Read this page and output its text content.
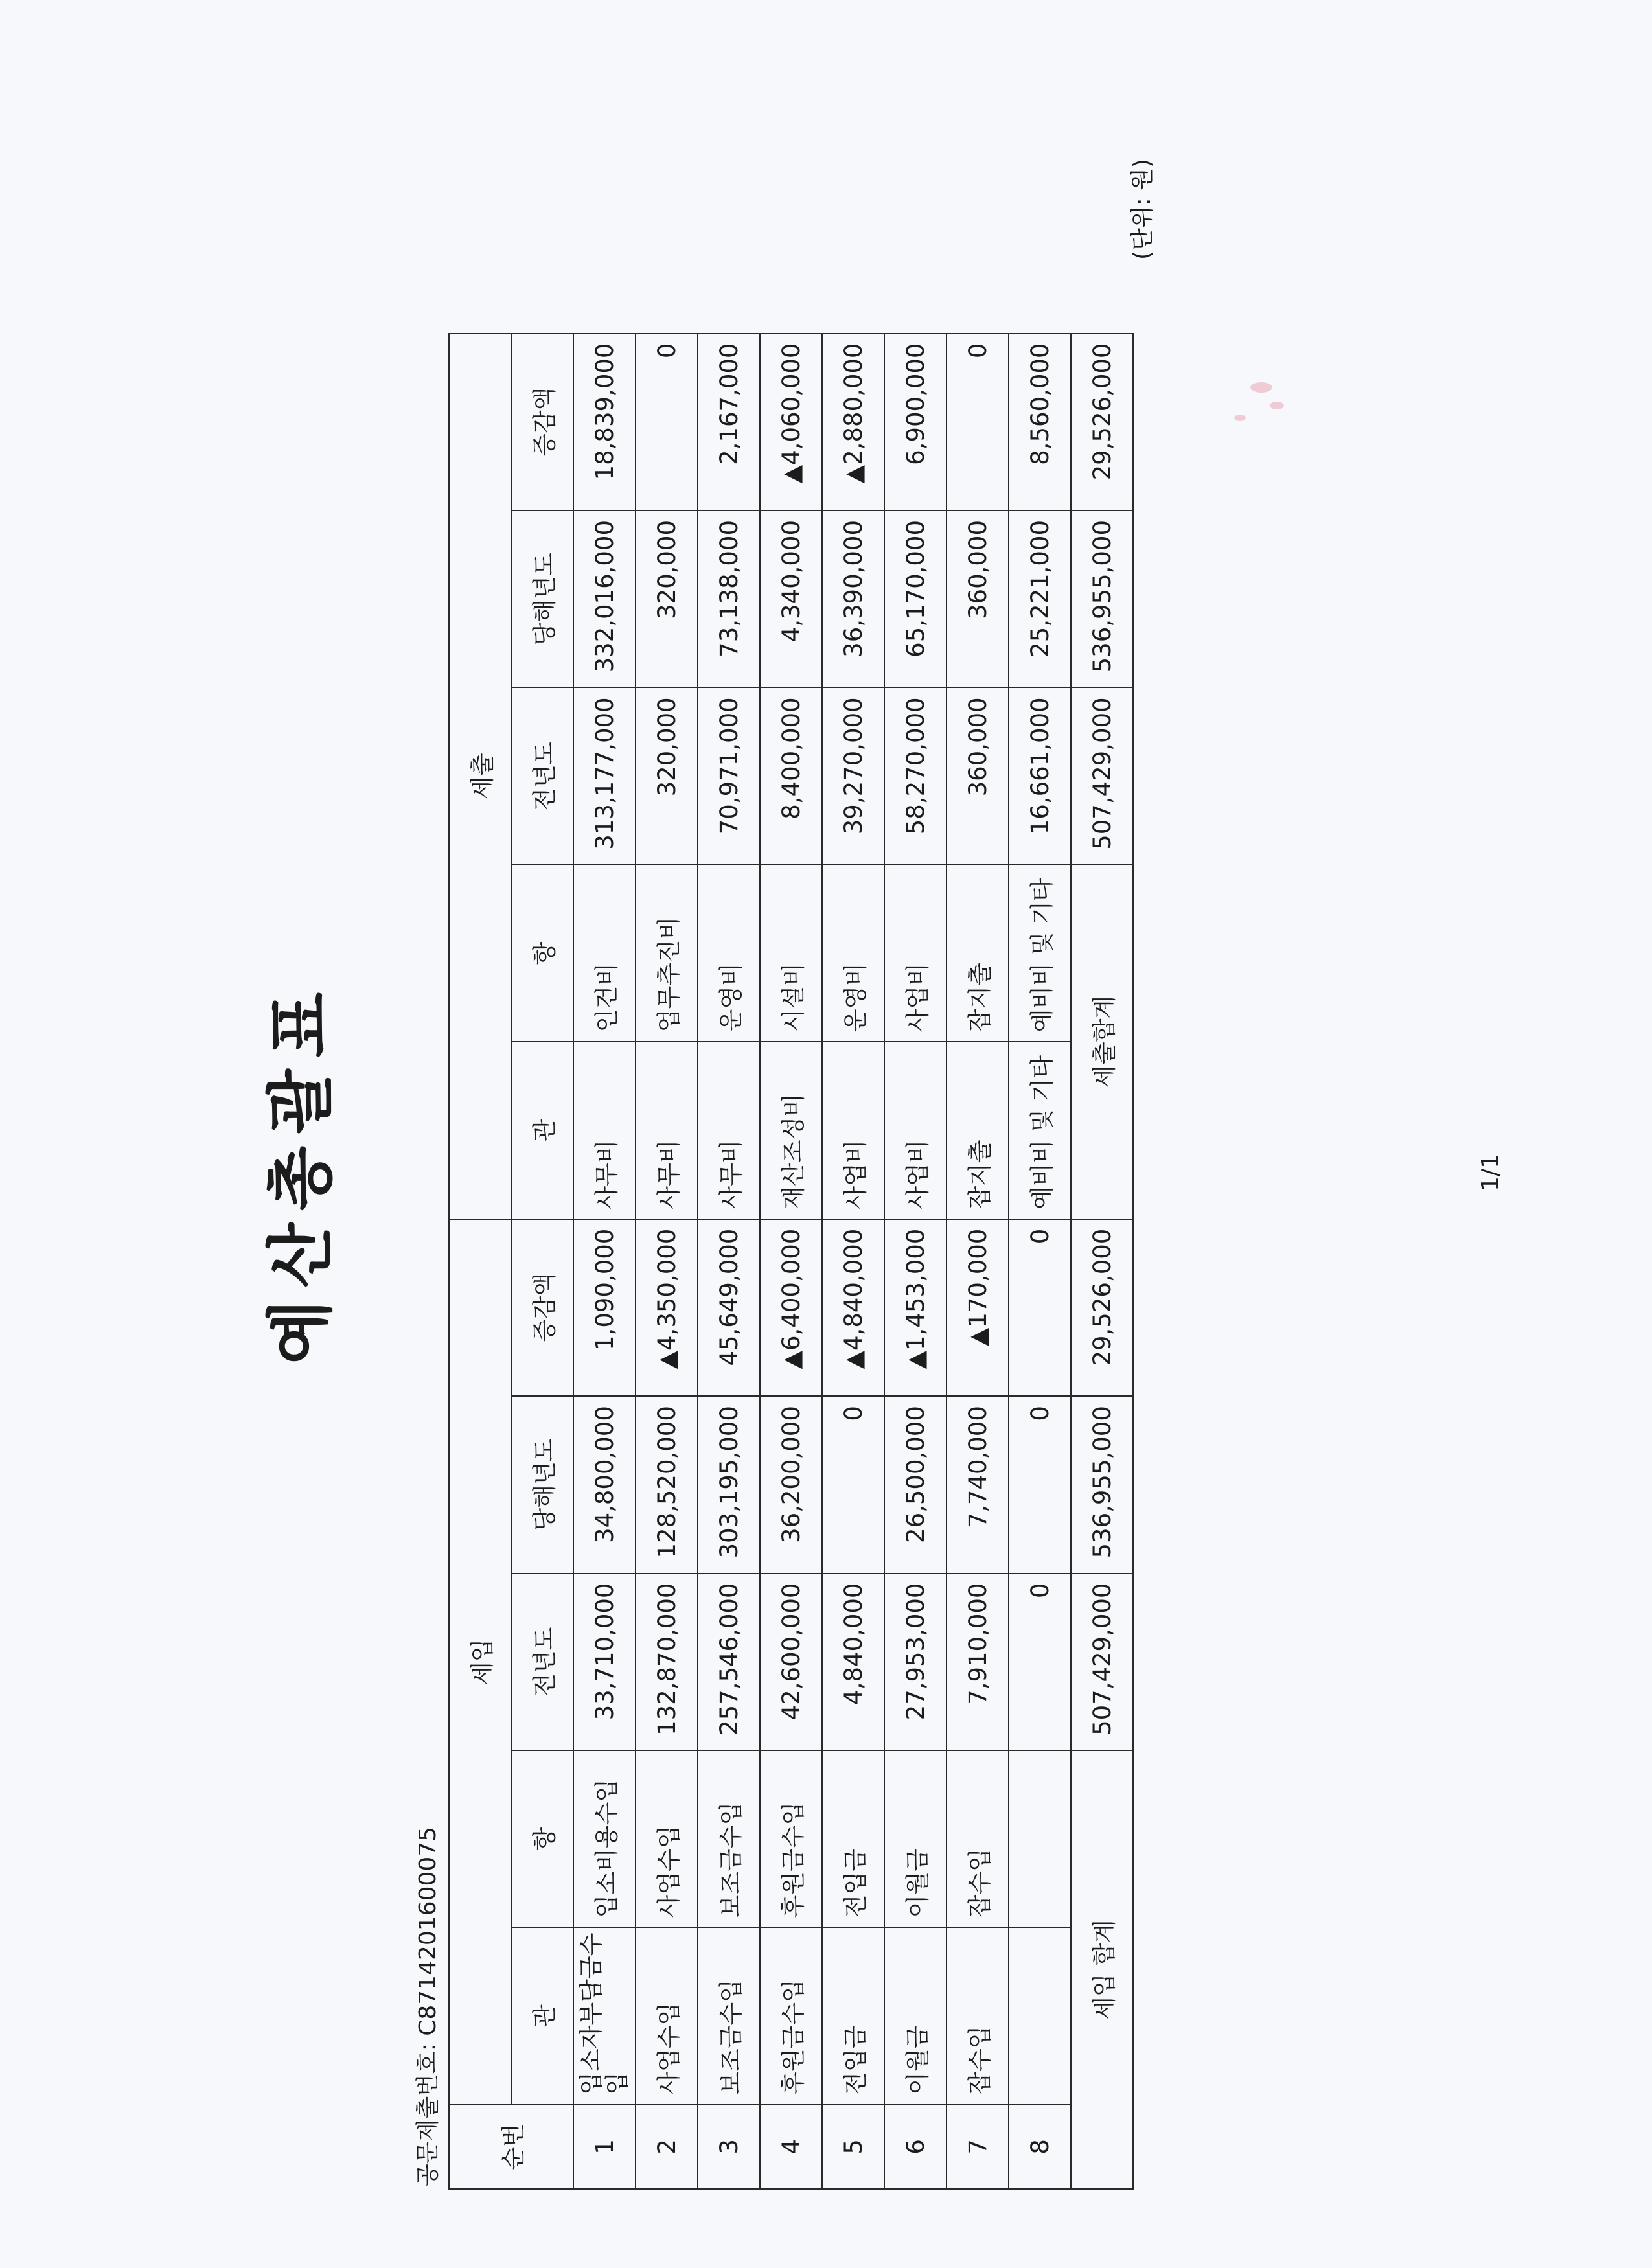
예산총괄표
공문제출번호: C8714201600075 순번	세입					세출				
	관	항	전년도	당해년도	증감액	관	항	전년도	당해년도	증감액
1	입소자부담금수입	입소비용수입	33,710,000	34,800,000	1,090,000	사무비	인건비	313,177,000	332,016,000	18,839,000
2	사업수입	사업수입	132,870,000	128,520,000	▲4,350,000	사무비	업무추진비	320,000	320,000	0
3	보조금수입	보조금수입	257,546,000	303,195,000	45,649,000	사무비	운영비	70,971,000	73,138,000	2,167,000
4	후원금수입	후원금수입	42,600,000	36,200,000	▲6,400,000	재산조성비	시설비	8,400,000	4,340,000	▲4,060,000
5	전입금	전입금	4,840,000	0	▲4,840,000	사업비	운영비	39,270,000	36,390,000	▲2,880,000
6	이월금	이월금	27,953,000	26,500,000	▲1,453,000	사업비	사업비	58,270,000	65,170,000	6,900,000
7	잡수입	잡수입	7,910,000	7,740,000	▲170,000	잡지출	잡지출	360,000	360,000	0
8			0	0	0	예비비 및 기타	예비비 및 기타	16,661,000	25,221,000	8,560,000
세입 합계			507,429,000	536,955,000	29,526,000	세출합계		507,429,000	536,955,000	29,526,000
(단위: 원)
1/1
